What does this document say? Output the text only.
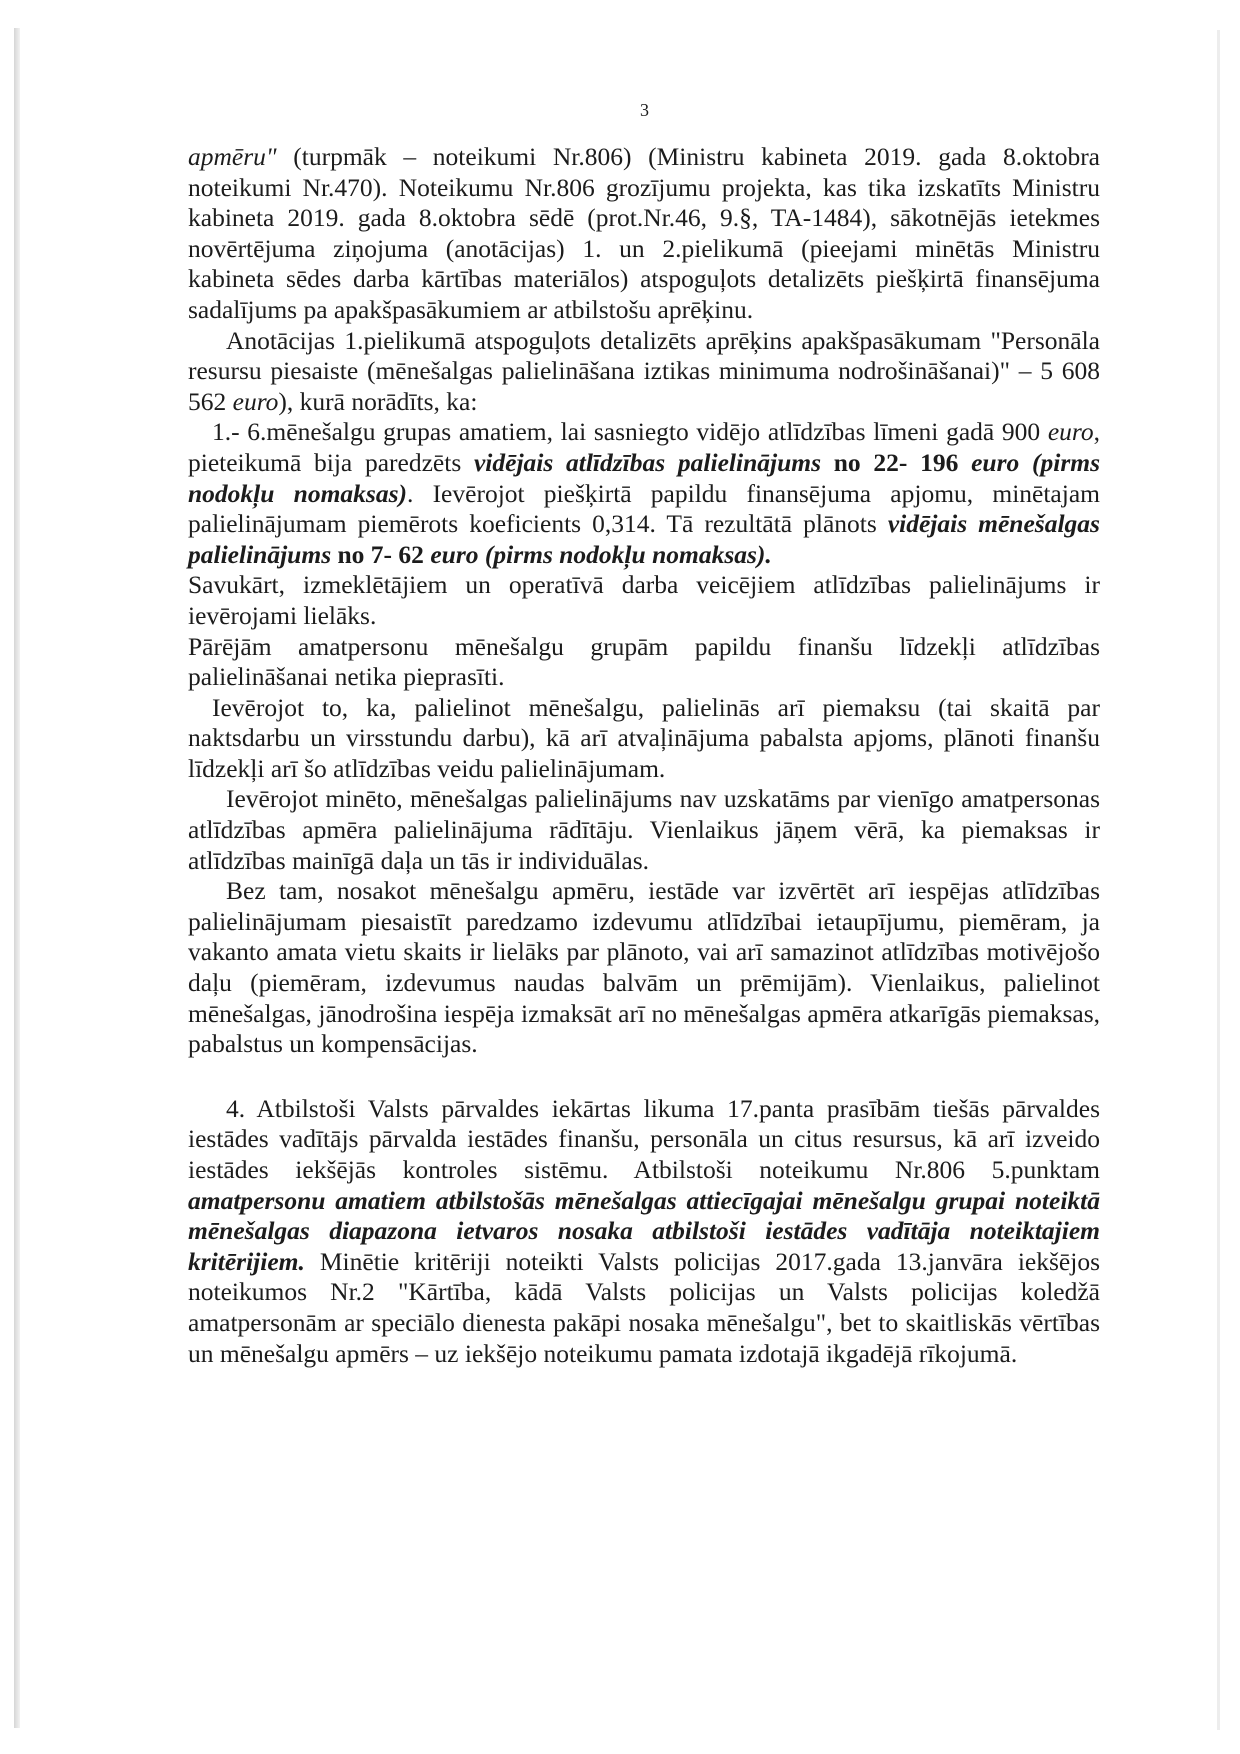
3

apmēru" (turpmāk – noteikumi Nr.806) (Ministru kabineta 2019. gada 8.oktobra noteikumi Nr.470). Noteikumu Nr.806 grozījumu projekta, kas tika izskatīts Ministru kabineta 2019. gada 8.oktobra sēdē (prot.Nr.46, 9.§, TA-1484), sākotnējās ietekmes novērtējuma ziņojuma (anotācijas) 1. un 2.pielikumā (pieejami minētās Ministru kabineta sēdes darba kārtības materiālos) atspoguļots detalizēts piešķirtā finansējuma sadalījums pa apakšpasākumiem ar atbilstošu aprēķinu.

Anotācijas 1.pielikumā atspoguļots detalizēts aprēķins apakšpasākumam "Personāla resursu piesaiste (mēnešalgas palielināšana iztikas minimuma nodrošināšanai)" – 5 608 562 euro), kurā norādīts, ka:

1.- 6.mēnešalgu grupas amatiem, lai sasniegto vidējo atlīdzības līmeni gadā 900 euro, pieteikumā bija paredzēts vidējais atlīdzības palielinājums no 22- 196 euro (pirms nodokļu nomaksas). Ievērojot piešķirtā papildu finansējuma apjomu, minētajam palielinājumam piemērots koeficients 0,314. Tā rezultātā plānots vidējais mēnešalgas palielinājums no 7- 62 euro (pirms nodokļu nomaksas).

Savukārt, izmeklētājiem un operatīvā darba veicējiem atlīdzības palielinājums ir ievērojami lielāks.

Pārējām amatpersonu mēnešalgu grupām papildu finanšu līdzekļi atlīdzības palielināšanai netika pieprasīti.

Ievērojot to, ka, palielinot mēnešalgu, palielinās arī piemaksu (tai skaitā par naktsdarbu un virsstundu darbu), kā arī atvaļinājuma pabalsta apjoms, plānoti finanšu līdzekļi arī šo atlīdzības veidu palielinājumam.

Ievērojot minēto, mēnešalgas palielinājums nav uzskatāms par vienīgo amatpersonas atlīdzības apmēra palielinājuma rādītāju. Vienlaikus jāņem vērā, ka piemaksas ir atlīdzības mainīgā daļa un tās ir individuālas.

Bez tam, nosakot mēnešalgu apmēru, iestāde var izvērtēt arī iespējas atlīdzības palielinājumam piesaistīt paredzamo izdevumu atlīdzībai ietaupījumu, piemēram, ja vakanto amata vietu skaits ir lielāks par plānoto, vai arī samazinot atlīdzības motivējošo daļu (piemēram, izdevumus naudas balvām un prēmijām). Vienlaikus, palielinot mēnešalgas, jānodrošina iespēja izmaksāt arī no mēnešalgas apmēra atkarīgās piemaksas, pabalstus un kompensācijas.

4. Atbilstoši Valsts pārvaldes iekārtas likuma 17.panta prasībām tiešās pārvaldes iestādes vadītājs pārvalda iestādes finanšu, personāla un citus resursus, kā arī izveido iestādes iekšējās kontroles sistēmu. Atbilstoši noteikumu Nr.806 5.punktam amatpersonu amatiem atbilstošās mēnešalgas attiecīgajai mēnešalgu grupai noteiktā mēnešalgas diapazona ietvaros nosaka atbilstoši iestādes vadītāja noteiktajiem kritērijiem. Minētie kritēriji noteikti Valsts policijas 2017.gada 13.janvāra iekšējos noteikumos Nr.2 "Kārtība, kādā Valsts policijas un Valsts policijas koledžā amatpersonām ar speciālo dienesta pakāpi nosaka mēnešalgu", bet to skaitliskās vērtības un mēnešalgu apmērs – uz iekšējo noteikumu pamata izdotajā ikgadējā rīkojumā.
